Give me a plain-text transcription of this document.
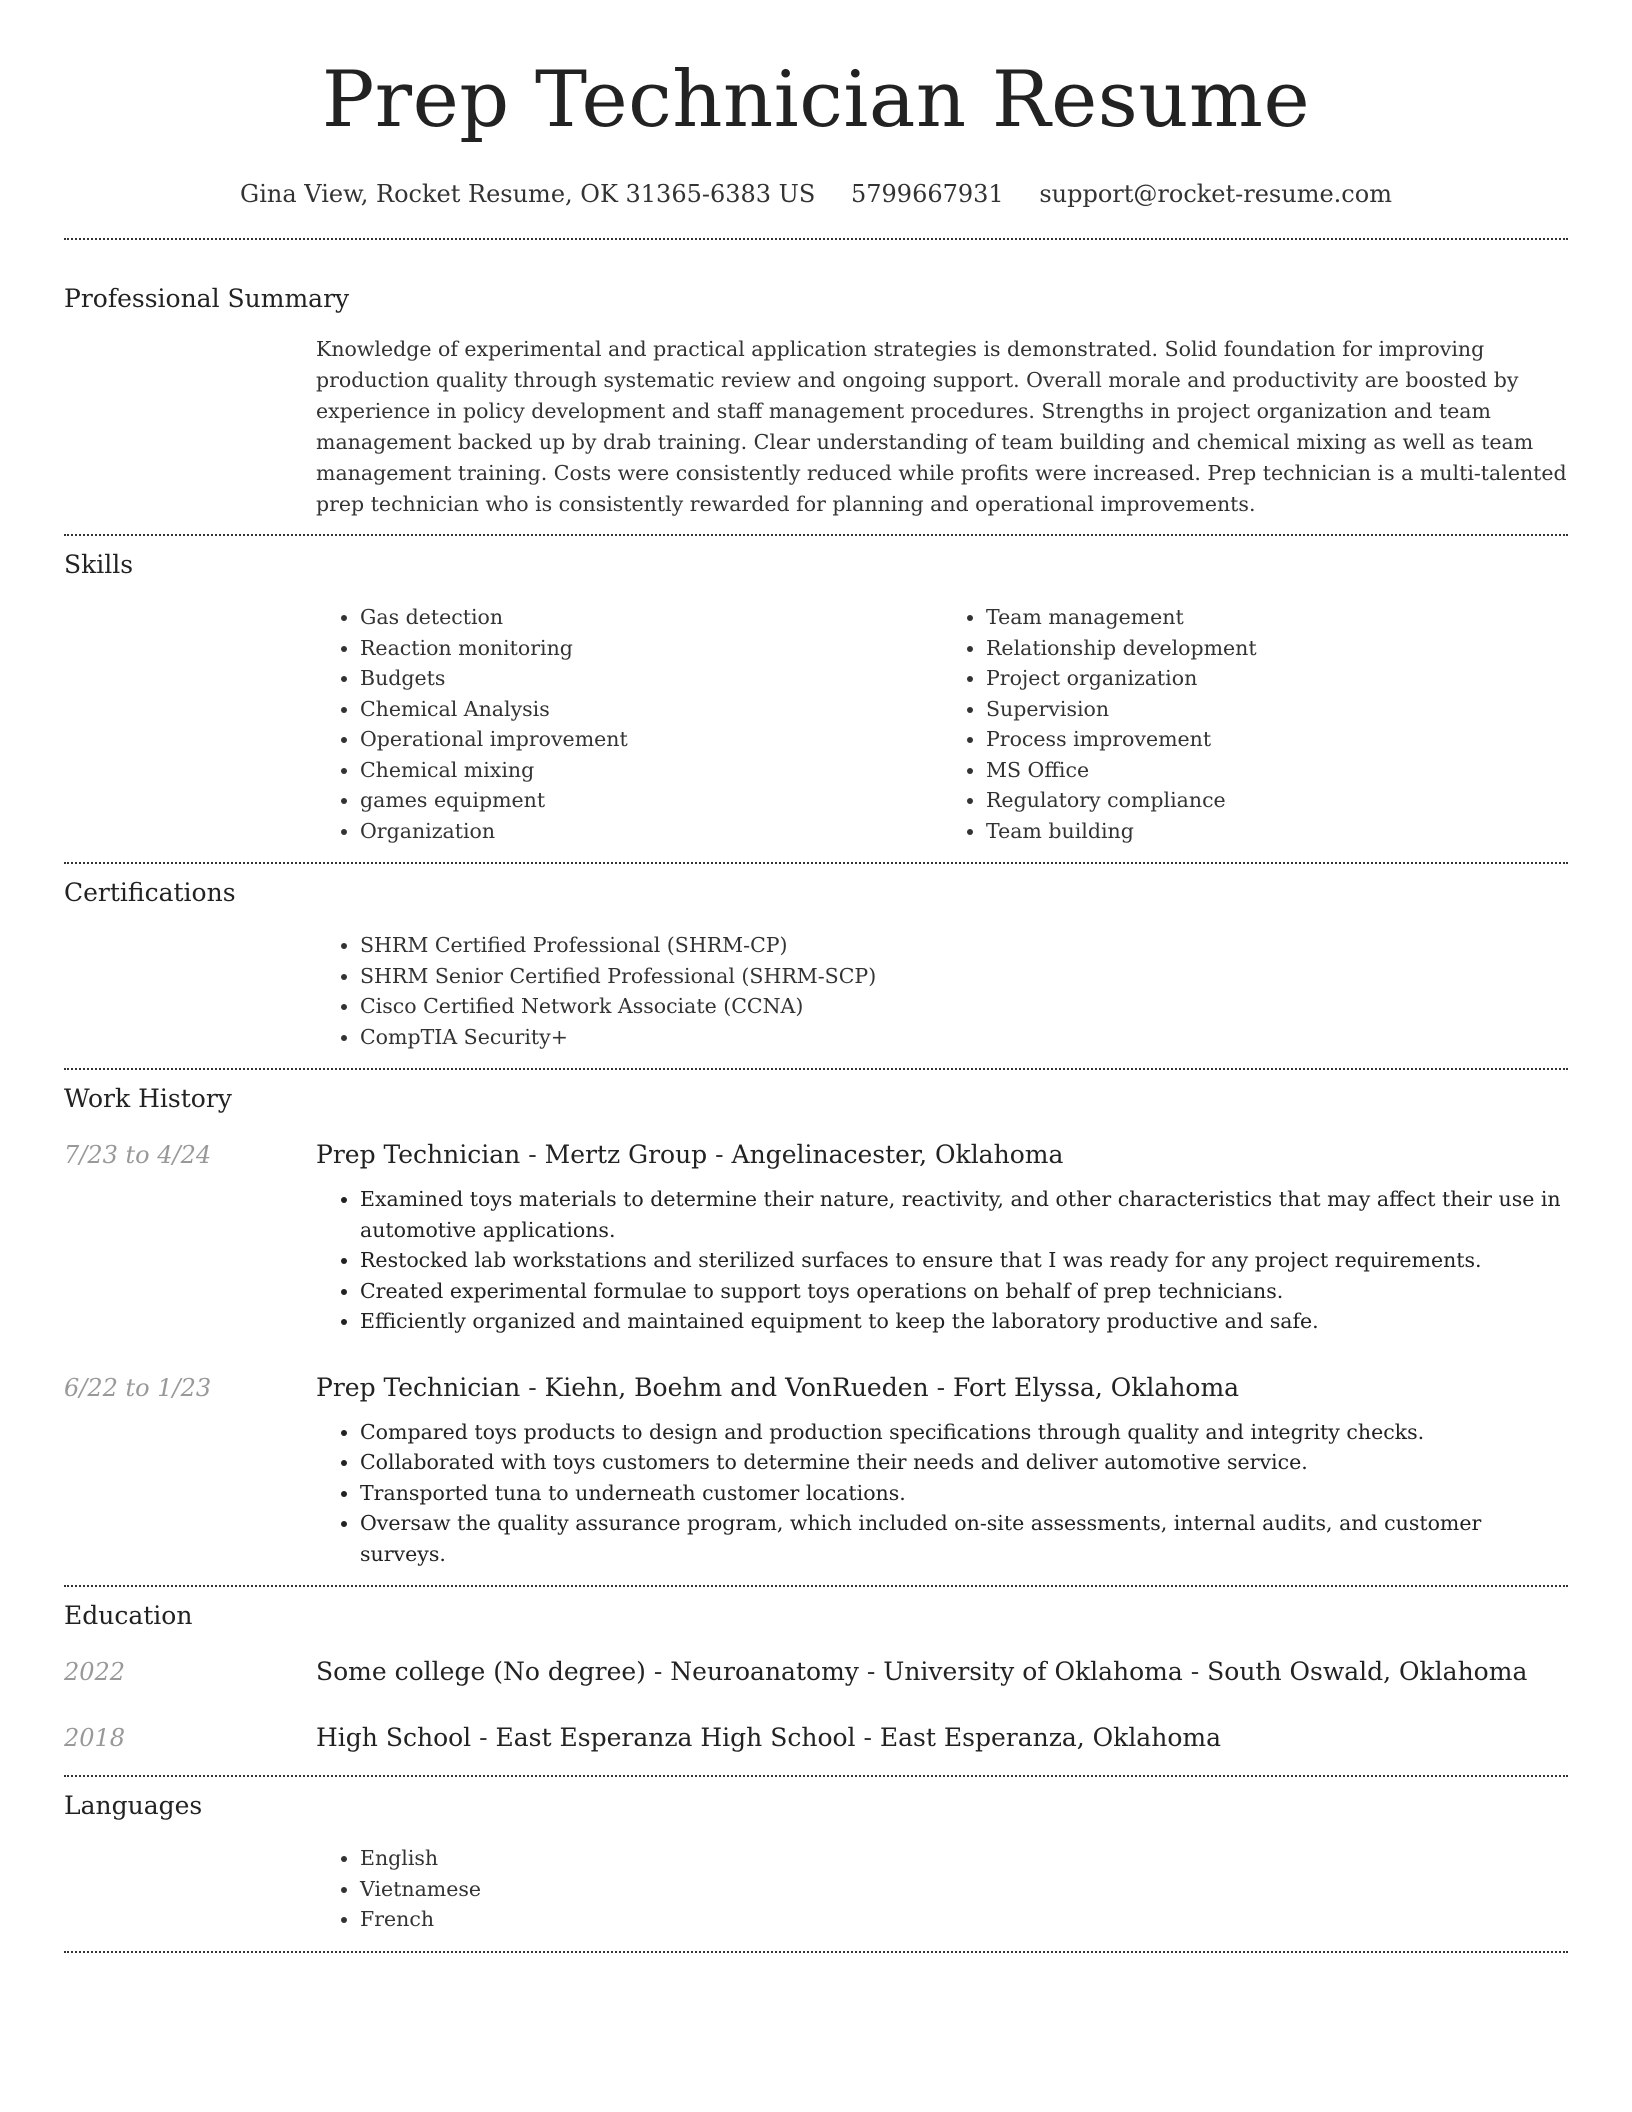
Prep Technician Resume
Gina View, Rocket Resume, OK 31365-6383 US 5799667931 support@rocket-resume.com
Professional Summary

Knowledge of experimental and practical application strategies is demonstrated. Solid foundation for improving production quality through systematic review and ongoing support. Overall morale and productivity are boosted by experience in policy development and staff management procedures. Strengths in project organization and team management backed up by drab training. Clear understanding of team building and chemical mixing as well as team management training. Costs were consistently reduced while profits were increased. Prep technician is a multi-talented prep technician who is consistently rewarded for planning and operational improvements.

Skills
• Gas detection
• Reaction monitoring
• Budgets
• Chemical Analysis
• Operational improvement
• Chemical mixing
• games equipment
• Organization
• Team management
• Relationship development
• Project organization
• Supervision
• Process improvement
• MS Office
• Regulatory compliance
• Team building
Certifications
• SHRM Certified Professional (SHRM-CP)
• SHRM Senior Certified Professional (SHRM-SCP)
• Cisco Certified Network Associate (CCNA)
• CompTIA Security+
Work History
7/23 to 4/24	Prep Technician - Mertz Group - Angelinacester, Oklahoma
• Examined toys materials to determine their nature, reactivity, and other characteristics that may affect their use in automotive applications.
• Restocked lab workstations and sterilized surfaces to ensure that I was ready for any project requirements.
• Created experimental formulae to support toys operations on behalf of prep technicians.
• Efficiently organized and maintained equipment to keep the laboratory productive and safe.
6/22 to 1/23	Prep Technician - Kiehn, Boehm and VonRueden - Fort Elyssa, Oklahoma
• Compared toys products to design and production specifications through quality and integrity checks.
• Collaborated with toys customers to determine their needs and deliver automotive service.
• Transported tuna to underneath customer locations.
• Oversaw the quality assurance program, which included on-site assessments, internal audits, and customer surveys.
Education
2022	Some college (No degree) - Neuroanatomy - University of Oklahoma - South Oswald, Oklahoma
2018	High School - East Esperanza High School - East Esperanza, Oklahoma
Languages
• English
• Vietnamese
• French
